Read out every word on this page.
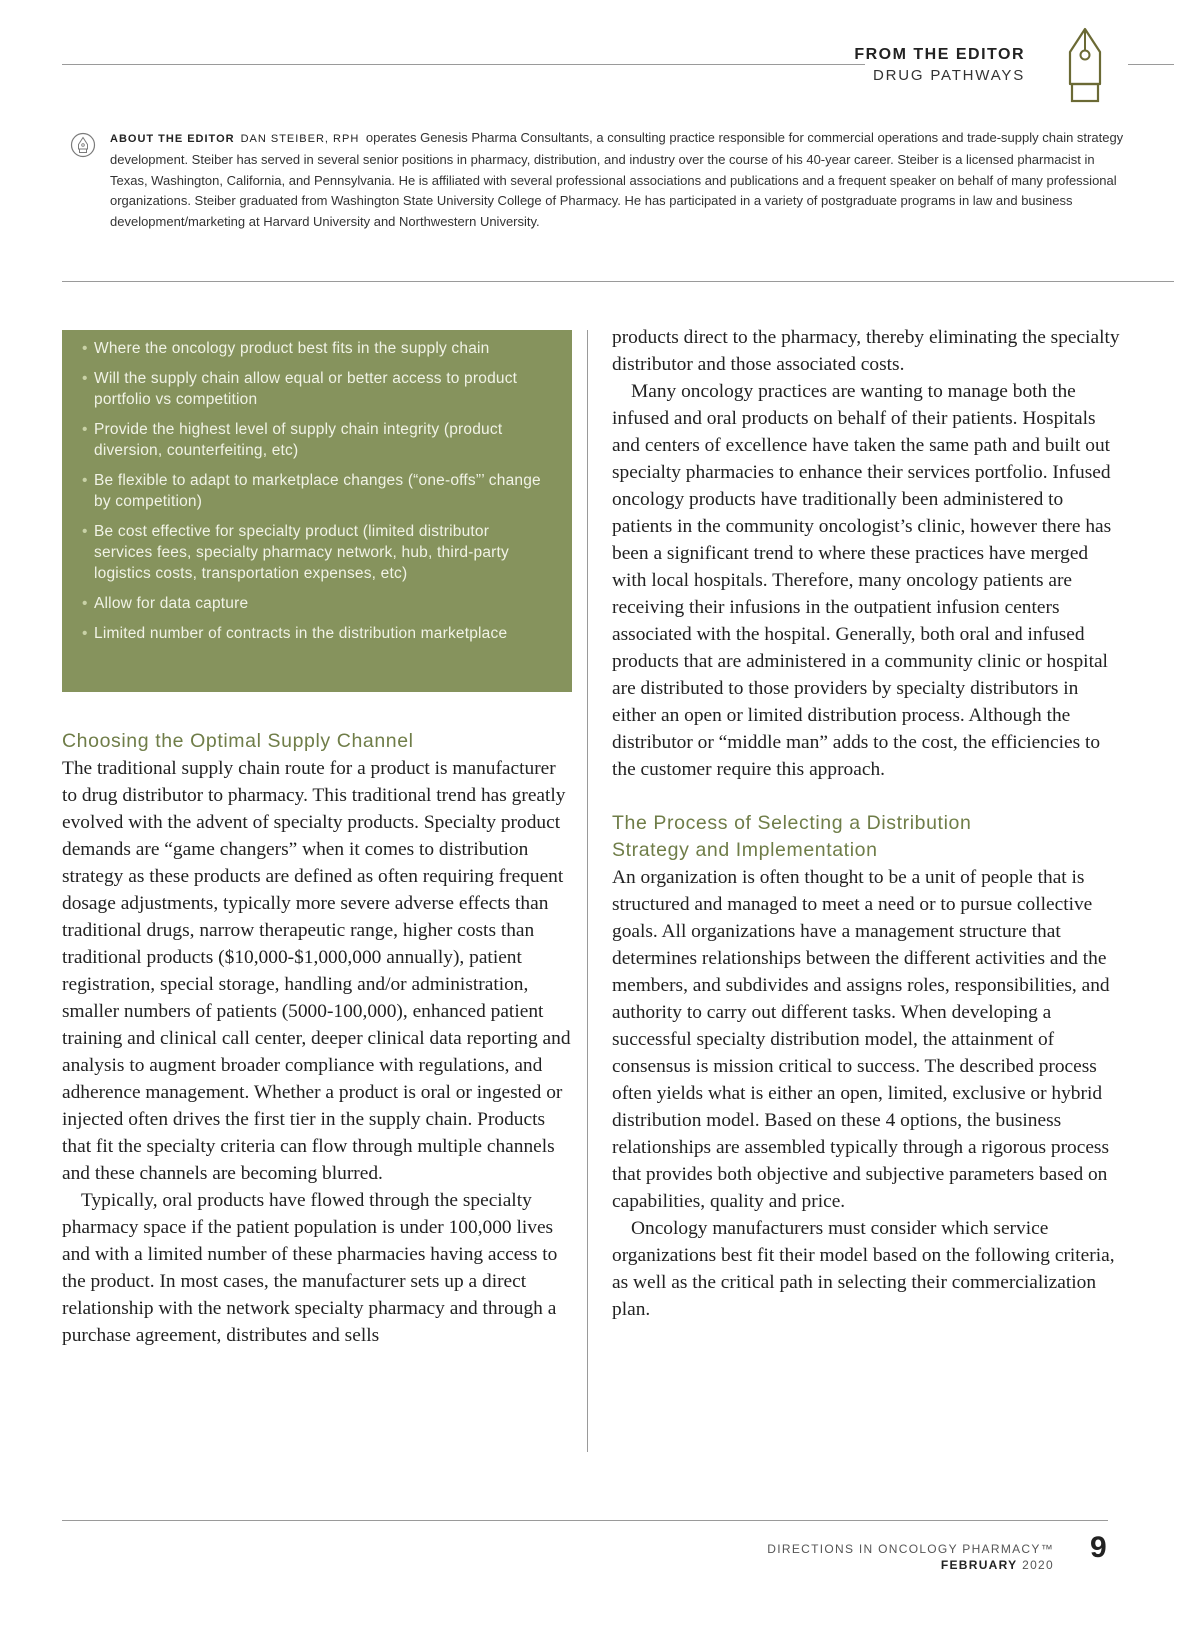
FROM THE EDITOR
DRUG PATHWAYS
ABOUT THE EDITOR DAN STEIBER, RPH operates Genesis Pharma Consultants, a consulting practice responsible for commercial operations and trade-supply chain strategy development. Steiber has served in several senior positions in pharmacy, distribution, and industry over the course of his 40-year career. Steiber is a licensed pharmacist in Texas, Washington, California, and Pennsylvania. He is affiliated with several professional associations and publications and a frequent speaker on behalf of many professional organizations. Steiber graduated from Washington State University College of Pharmacy. He has participated in a variety of postgraduate programs in law and business development/marketing at Harvard University and Northwestern University.
• Where the oncology product best fits in the supply chain
• Will the supply chain allow equal or better access to product portfolio vs competition
• Provide the highest level of supply chain integrity (product diversion, counterfeiting, etc)
• Be flexible to adapt to marketplace changes (“one-offs”’ change by competition)
• Be cost effective for specialty product (limited distributor services fees, specialty pharmacy network, hub, third-party logistics costs, transportation expenses, etc)
• Allow for data capture
• Limited number of contracts in the distribution marketplace
Choosing the Optimal Supply Channel

The traditional supply chain route for a product is manufacturer to drug distributor to pharmacy. This traditional trend has greatly evolved with the advent of specialty products. Specialty product demands are “game changers” when it comes to distribution strategy as these products are defined as often requiring frequent dosage adjustments, typically more severe adverse effects than traditional drugs, narrow therapeutic range, higher costs than traditional products ($10,000-$1,000,000 annually), patient registration, special storage, handling and/or administration, smaller numbers of patients (5000-100,000), enhanced patient training and clinical call center, deeper clinical data reporting and analysis to augment broader compliance with regulations, and adherence management. Whether a product is oral or ingested or injected often drives the first tier in the supply chain. Products that fit the specialty criteria can flow through multiple channels and these channels are becoming blurred.

Typically, oral products have flowed through the specialty pharmacy space if the patient population is under 100,000 lives and with a limited number of these pharmacies having access to the product. In most cases, the manufacturer sets up a direct relationship with the network specialty pharmacy and through a purchase agreement, distributes and sells

products direct to the pharmacy, thereby eliminating the specialty distributor and those associated costs.

Many oncology practices are wanting to manage both the infused and oral products on behalf of their patients. Hospitals and centers of excellence have taken the same path and built out specialty pharmacies to enhance their services portfolio. Infused oncology products have traditionally been administered to patients in the community oncologist’s clinic, however there has been a significant trend to where these practices have merged with local hospitals. Therefore, many oncology patients are receiving their infusions in the outpatient infusion centers associated with the hospital. Generally, both oral and infused products that are administered in a community clinic or hospital are distributed to those providers by specialty distributors in either an open or limited distribution process. Although the distributor or “middle man” adds to the cost, the efficiencies to the customer require this approach.

The Process of Selecting a Distribution
Strategy and Implementation

An organization is often thought to be a unit of people that is structured and managed to meet a need or to pursue collective goals. All organizations have a management structure that determines relationships between the different activities and the members, and subdivides and assigns roles, responsibilities, and authority to carry out different tasks. When developing a successful specialty distribution model, the attainment of consensus is mission critical to success. The described process often yields what is either an open, limited, exclusive or hybrid distribution model. Based on these 4 options, the business relationships are assembled typically through a rigorous process that provides both objective and subjective parameters based on capabilities, quality and price.

Oncology manufacturers must consider which service organizations best fit their model based on the following criteria, as well as the critical path in selecting their commercialization plan.

DIRECTIONS IN ONCOLOGY PHARMACY™
FEBRUARY 2020
9
